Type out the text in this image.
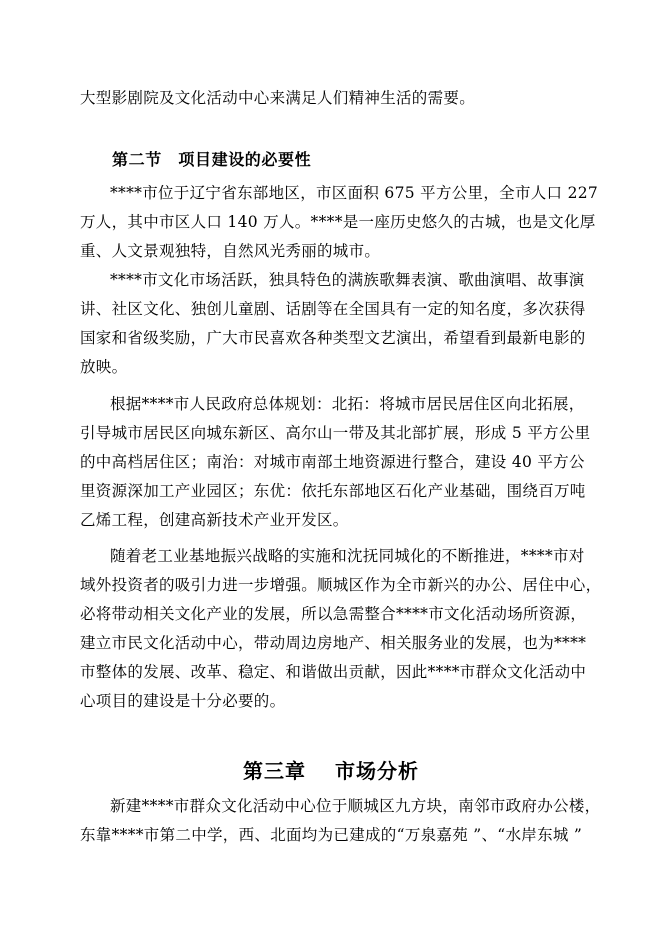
大型影剧院及文化活动中心来满足人们精神生活的需要。
第二节　项目建设的必要性
****市位于辽宁省东部地区，市区面积 675 平方公里，全市人口 227
万人，其中市区人口 140 万人。****是一座历史悠久的古城，也是文化厚
重、人文景观独特，自然风光秀丽的城市。
****市文化市场活跃，独具特色的满族歌舞表演、歌曲演唱、故事演
讲、社区文化、独创儿童剧、话剧等在全国具有一定的知名度，多次获得
国家和省级奖励，广大市民喜欢各种类型文艺演出，希望看到最新电影的
放映。
根据****市人民政府总体规划：北拓：将城市居民居住区向北拓展，
引导城市居民区向城东新区、高尔山一带及其北部扩展，形成 5 平方公里
的中高档居住区；南治：对城市南部土地资源进行整合，建设 40 平方公
里资源深加工产业园区；东优：依托东部地区石化产业基础，围绕百万吨
乙烯工程，创建高新技术产业开发区。
随着老工业基地振兴战略的实施和沈抚同城化的不断推进，****市对
域外投资者的吸引力进一步增强。顺城区作为全市新兴的办公、居住中心，
必将带动相关文化产业的发展，所以急需整合****市文化活动场所资源，
建立市民文化活动中心，带动周边房地产、相关服务业的发展，也为****
市整体的发展、改革、稳定、和谐做出贡献，因此****市群众文化活动中
心项目的建设是十分必要的。
第三章　 市场分析
新建****市群众文化活动中心位于顺城区九方块，南邻市政府办公楼，
东靠****市第二中学，西、北面均为已建成的“万泉嘉苑 ”、“水岸东城 ”
